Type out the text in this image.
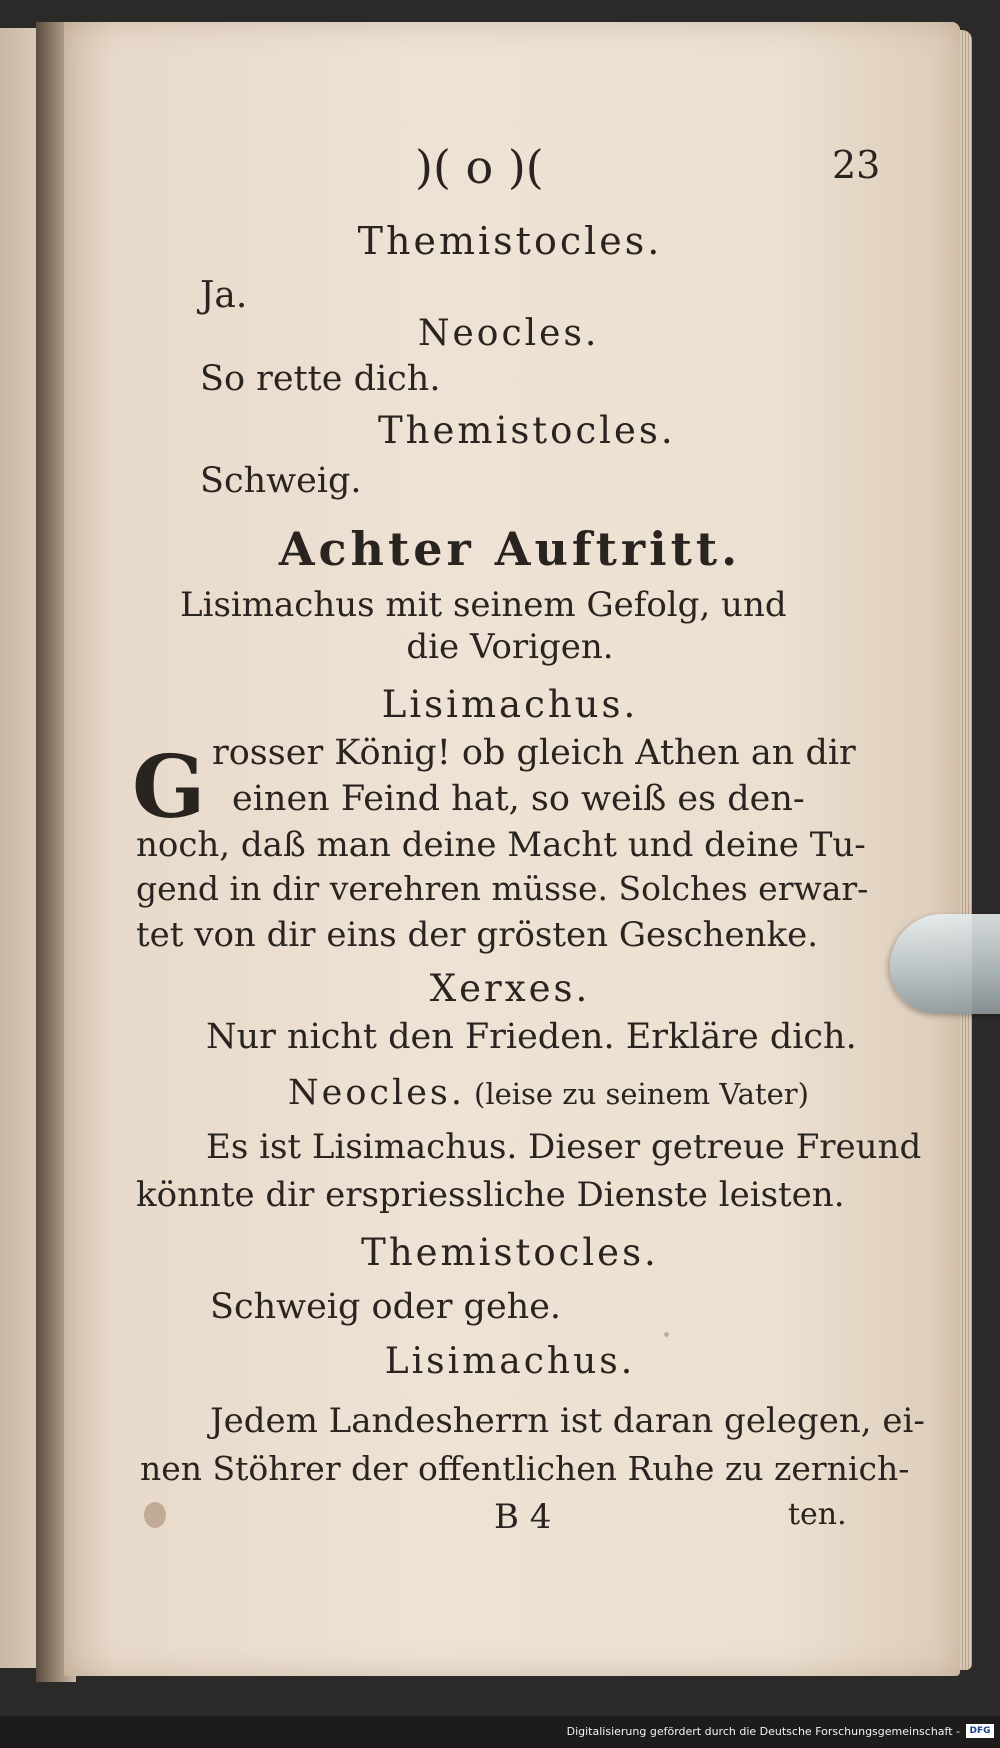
)( o )(	23
Themistocles.
Ja.
Neocles.
So rette dich.
Themistocles.
Schweig.
Achter Auftritt.
Lisimachus mit seinem Gefolg, und
die Vorigen.
Lisimachus.
G rosser König! ob gleich Athen an dir
einen Feind hat, so weiß es den-
noch, daß man deine Macht und deine Tu-
gend in dir verehren müsse. Solches erwar-
tet von dir eins der grösten Geschenke.
Xerxes.
Nur nicht den Frieden. Erkläre dich.
Neocles. (leise zu seinem Vater)
Es ist Lisimachus. Dieser getreue Freund
könnte dir erspriessliche Dienste leisten.
Themistocles.
Schweig oder gehe.
Lisimachus.
Jedem Landesherrn ist daran gelegen, ei-
nen Stöhrer der offentlichen Ruhe zu zernich-
B 4	ten.
Digitalisierung gefördert durch die Deutsche Forschungsgemeinschaft -	DFG
